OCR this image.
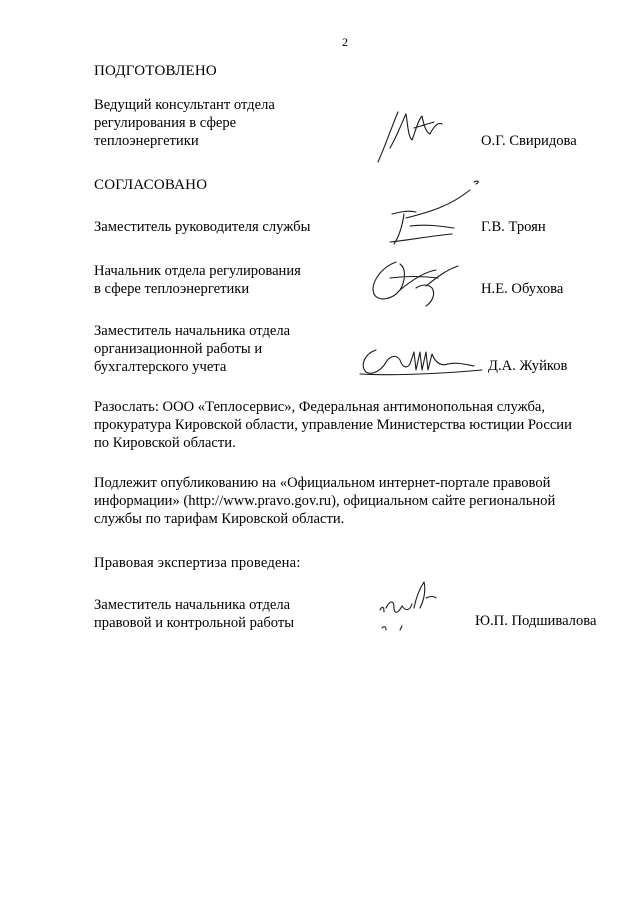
2
ПОДГОТОВЛЕНО
Ведущий консультант отдела
регулирования в сфере
теплоэнергетики	О.Г. Свиридова
СОГЛАСОВАНО
Заместитель руководителя службы	Г.В. Троян
Начальник отдела регулирования
в сфере теплоэнергетики	Н.Е. Обухова
Заместитель начальника отдела
организационной работы и
бухгалтерского учета	Д.А. Жуйков
Разослать: ООО «Теплосервис», Федеральная антимонопольная служба,
прокуратура Кировской области, управление Министерства юстиции России
по Кировской области.
Подлежит опубликованию на «Официальном интернет-портале правовой
информации» (http://www.pravo.gov.ru), официальном сайте региональной
службы по тарифам Кировской области.
Правовая экспертиза проведена:
Заместитель начальника отдела
правовой и контрольной работы	Ю.П. Подшивалова
